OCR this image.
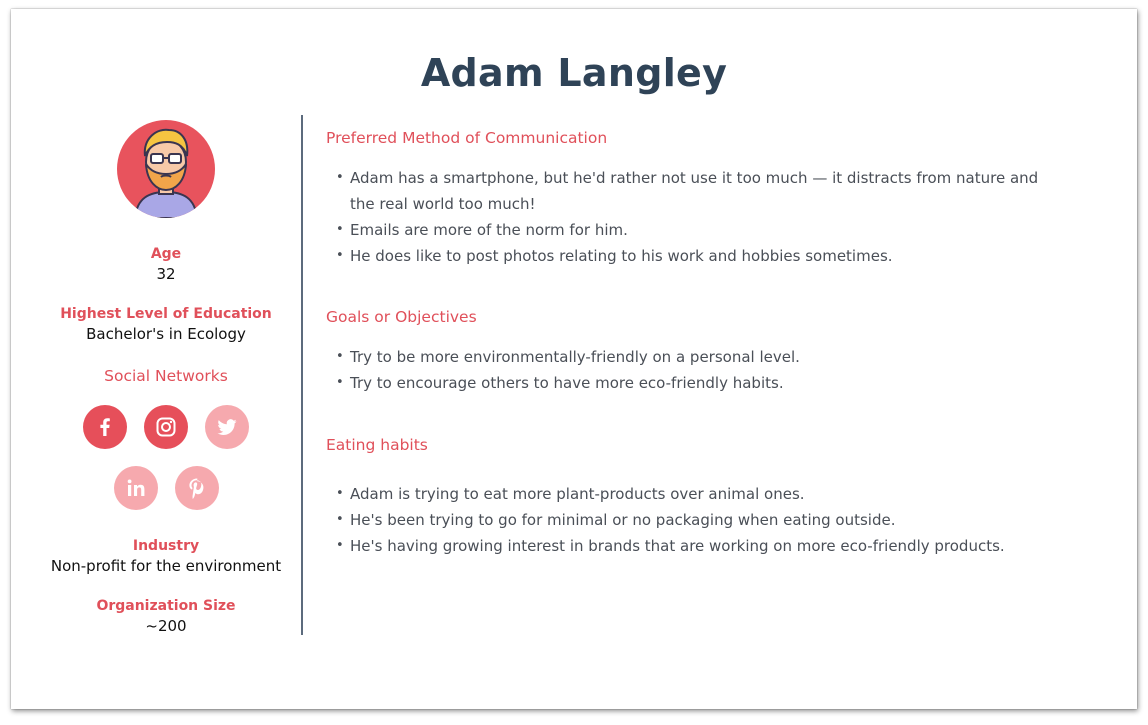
Adam Langley
Age
32
Highest Level of Education
Bachelor's in Ecology
Social Networks
Industry
Non-profit for the environment
Organization Size
~200
Preferred Method of Communication
• Adam has a smartphone, but he'd rather not use it too much — it distracts from nature and the real world too much!
• Emails are more of the norm for him.
• He does like to post photos relating to his work and hobbies sometimes.
Goals or Objectives
• Try to be more environmentally-friendly on a personal level.
• Try to encourage others to have more eco-friendly habits.
Eating habits
• Adam is trying to eat more plant-products over animal ones.
• He's been trying to go for minimal or no packaging when eating outside.
• He's having growing interest in brands that are working on more eco-friendly products.
